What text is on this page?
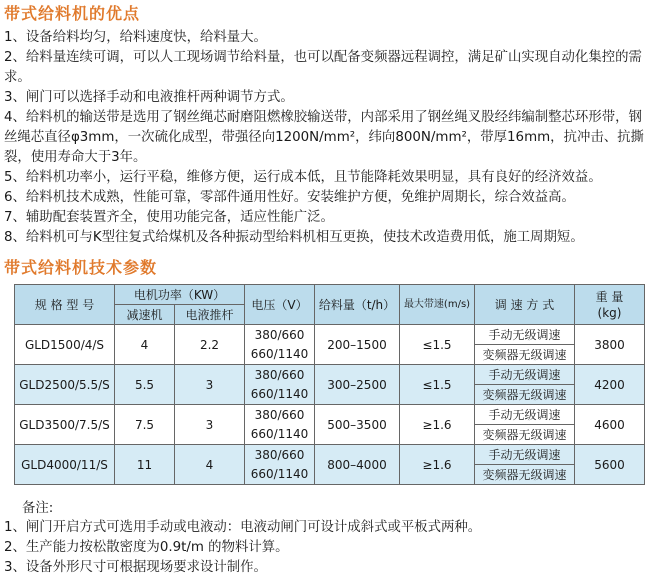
带式给料机的优点
1、设备给料均匀，给料速度快，给料量大。
2、给料量连续可调，可以人工现场调节给料量，也可以配备变频器远程调控，满足矿山实现自动化集控的需求。
3、闸门可以选择手动和电液推杆两种调节方式。
4、给料机的输送带是选用了钢丝绳芯耐磨阻燃橡胶输送带，内部采用了钢丝绳叉股经纬编制整芯环形带，钢丝绳芯直径φ3mm，一次硫化成型，带强径向1200N/mm²，纬向800N/mm²，带厚16mm，抗冲击、抗撕裂，使用寿命大于3年。
5、给料机功率小，运行平稳，维修方便，运行成本低，且节能降耗效果明显，具有良好的经济效益。
6、给料机技术成熟，性能可靠，零部件通用性好。安装维护方便，免维护周期长，综合效益高。
7、辅助配套装置齐全，使用功能完备，适应性能广泛。
8、给料机可与K型往复式给煤机及各种振动型给料机相互更换，使技术改造费用低，施工周期短。
带式给料机技术参数
规 格 型 号	电机功率（KW）		电压（V）	给料量（t/h）	最大带速(m/s)	调 速 方 式	重 量
(kg)
	减速机	电液推杆					
GLD1500/4/S	4	2.2	380/660	200–1500	≤1.5	手动无级调速	3800
			660/1140			变频器无级调速	
GLD2500/5.5/S	5.5	3	380/660	300–2500	≤1.5	手动无级调速	4200
			660/1140			变频器无级调速	
GLD3500/7.5/S	7.5	3	380/660	500–3500	≥1.6	手动无级调速	4600
			660/1140			变频器无级调速	
GLD4000/11/S	11	4	380/660	800–4000	≥1.6	手动无级调速	5600
			660/1140			变频器无级调速	
备注:
1、闸门开启方式可选用手动或电液动：电液动闸门可设计成斜式或平板式两种。
2、生产能力按松散密度为0.9t/m 的物料计算。
3、设备外形尺寸可根据现场要求设计制作。
